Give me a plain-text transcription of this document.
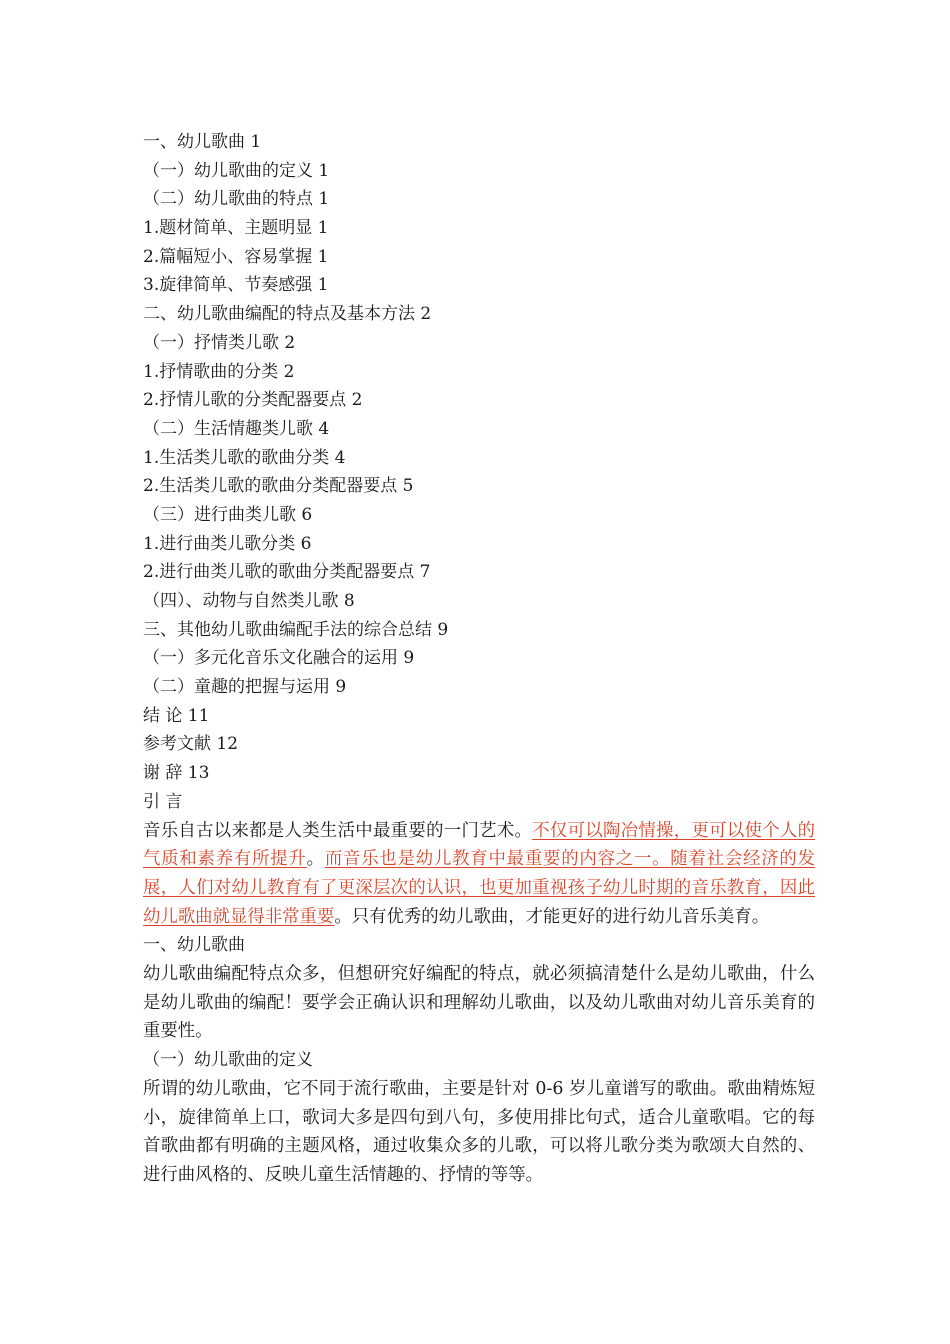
一、幼儿歌曲 1
（一）幼儿歌曲的定义 1
（二）幼儿歌曲的特点 1
1.题材简单、主题明显 1
2.篇幅短小、容易掌握 1
3.旋律简单、节奏感强 1
二、幼儿歌曲编配的特点及基本方法 2
（一）抒情类儿歌 2
1.抒情歌曲的分类 2
2.抒情儿歌的分类配器要点 2
（二）生活情趣类儿歌 4
1.生活类儿歌的歌曲分类 4
2.生活类儿歌的歌曲分类配器要点 5
（三）进行曲类儿歌 6
1.进行曲类儿歌分类 6
2.进行曲类儿歌的歌曲分类配器要点 7
（四）、动物与自然类儿歌 8
三、其他幼儿歌曲编配手法的综合总结 9
（一）多元化音乐文化融合的运用 9
（二）童趣的把握与运用 9
结 论 11
参考文献 12
谢 辞 13
引 言
音乐自古以来都是人类生活中最重要的一门艺术。不仅可以陶冶情操，更可以使个人的气质和素养有所提升。而音乐也是幼儿教育中最重要的内容之一。随着社会经济的发展，人们对幼儿教育有了更深层次的认识，也更加重视孩子幼儿时期的音乐教育，因此幼儿歌曲就显得非常重要。只有优秀的幼儿歌曲，才能更好的进行幼儿音乐美育。
一、幼儿歌曲
幼儿歌曲编配特点众多，但想研究好编配的特点，就必须搞清楚什么是幼儿歌曲，什么是幼儿歌曲的编配！要学会正确认识和理解幼儿歌曲，以及幼儿歌曲对幼儿音乐美育的重要性。
（一）幼儿歌曲的定义
所谓的幼儿歌曲，它不同于流行歌曲，主要是针对 0-6 岁儿童谱写的歌曲。歌曲精炼短小，旋律简单上口，歌词大多是四句到八句，多使用排比句式，适合儿童歌唱。它的每首歌曲都有明确的主题风格，通过收集众多的儿歌，可以将儿歌分类为歌颂大自然的、进行曲风格的、反映儿童生活情趣的、抒情的等等。
